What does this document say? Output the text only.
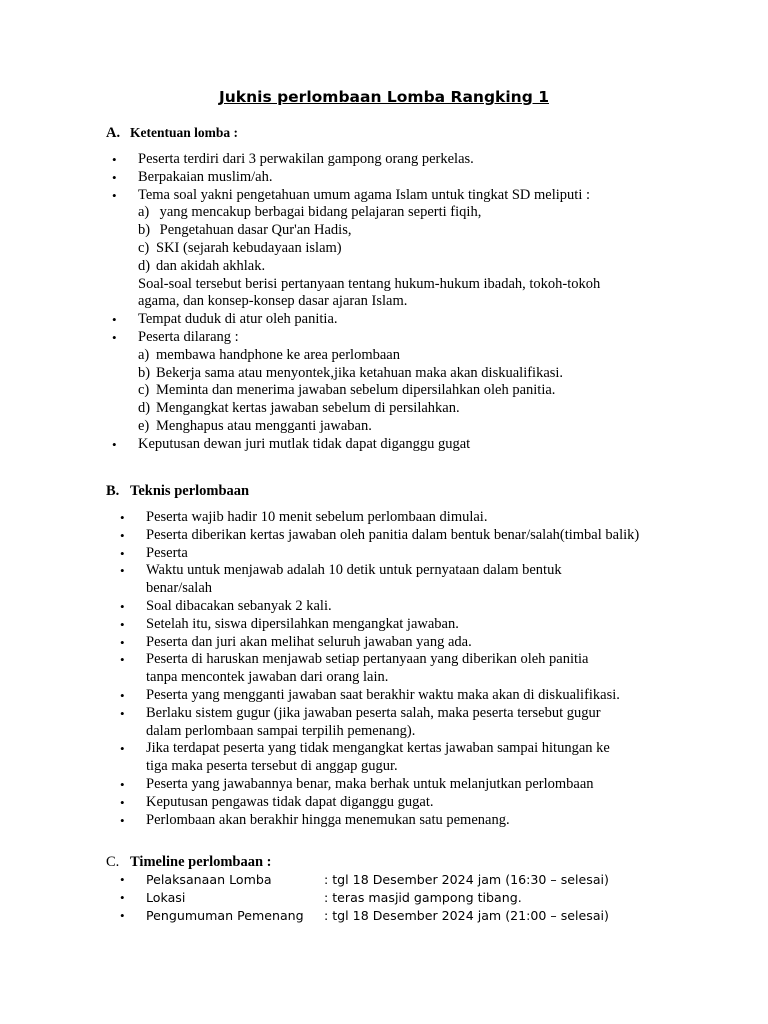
Juknis perlombaan Lomba Rangking 1
A. Ketentuan lomba :
• Peserta terdiri dari 3 perwakilan gampong orang perkelas.
• Berpakaian muslim/ah.
• Tema soal yakni pengetahuan umum agama Islam untuk tingkat SD meliputi :
a) yang mencakup berbagai bidang pelajaran seperti fiqih,
b) Pengetahuan dasar Qur'an Hadis,
c) SKI (sejarah kebudayaan islam)
d) dan akidah akhlak.
Soal-soal tersebut berisi pertanyaan tentang hukum-hukum ibadah, tokoh-tokoh
agama, dan konsep-konsep dasar ajaran Islam.
• Tempat duduk di atur oleh panitia.
• Peserta dilarang :
a) membawa handphone ke area perlombaan
b) Bekerja sama atau menyontek,jika ketahuan maka akan diskualifikasi.
c) Meminta dan menerima jawaban sebelum dipersilahkan oleh panitia.
d) Mengangkat kertas jawaban sebelum di persilahkan.
e) Menghapus atau mengganti jawaban.
• Keputusan dewan juri mutlak tidak dapat diganggu gugat
B. Teknis perlombaan
• Peserta wajib hadir 10 menit sebelum perlombaan dimulai.
• Peserta diberikan kertas jawaban oleh panitia dalam bentuk benar/salah(timbal balik)
• Peserta
• Waktu untuk menjawab adalah 10 detik untuk pernyataan dalam bentuk
benar/salah
• Soal dibacakan sebanyak 2 kali.
• Setelah itu, siswa dipersilahkan mengangkat jawaban.
• Peserta dan juri akan melihat seluruh jawaban yang ada.
• Peserta di haruskan menjawab setiap pertanyaan yang diberikan oleh panitia
tanpa mencontek jawaban dari orang lain.
• Peserta yang mengganti jawaban saat berakhir waktu maka akan di diskualifikasi.
• Berlaku sistem gugur (jika jawaban peserta salah, maka peserta tersebut gugur
dalam perlombaan sampai terpilih pemenang).
• Jika terdapat peserta yang tidak mengangkat kertas jawaban sampai hitungan ke
tiga maka peserta tersebut di anggap gugur.
• Peserta yang jawabannya benar, maka berhak untuk melanjutkan perlombaan
• Keputusan pengawas tidak dapat diganggu gugat.
• Perlombaan akan berakhir hingga menemukan satu pemenang.
C. Timeline perlombaan :
• Pelaksanaan Lomba	: tgl 18 Desember 2024 jam (16:30 – selesai)
• Lokasi	: teras masjid gampong tibang.
• Pengumuman Pemenang : tgl 18 Desember 2024 jam (21:00 – selesai)
